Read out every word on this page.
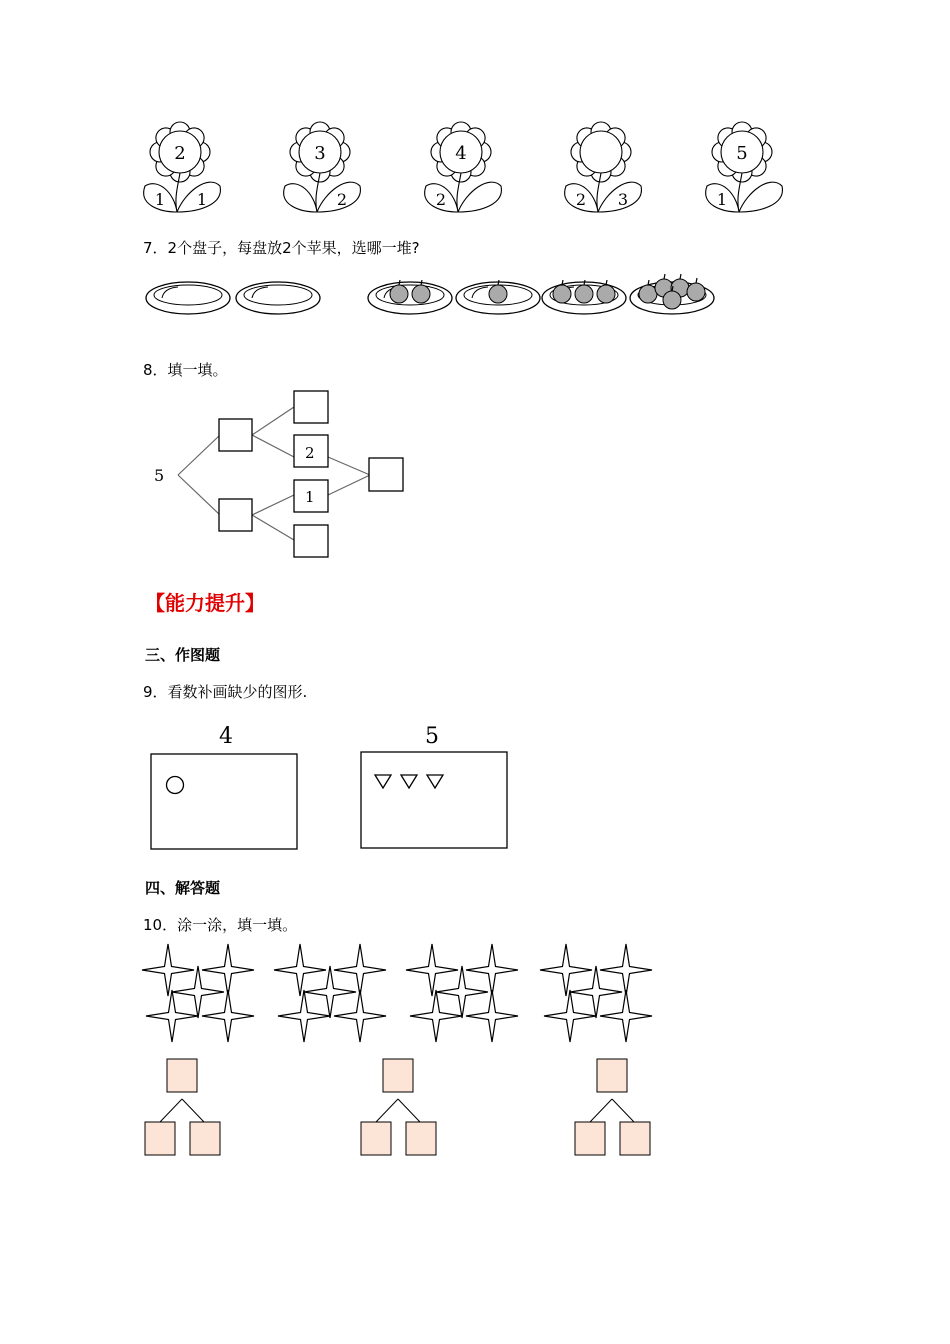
2
1 1
3
2
4
2	2 3
5
1
7．2个盘子，每盘放2个苹果，选哪一堆?
8．填一填。
5
2
1
【能力提升】
三、作图题
9．看数补画缺少的图形.
4	5
四、解答题
10．涂一涂，填一填。
